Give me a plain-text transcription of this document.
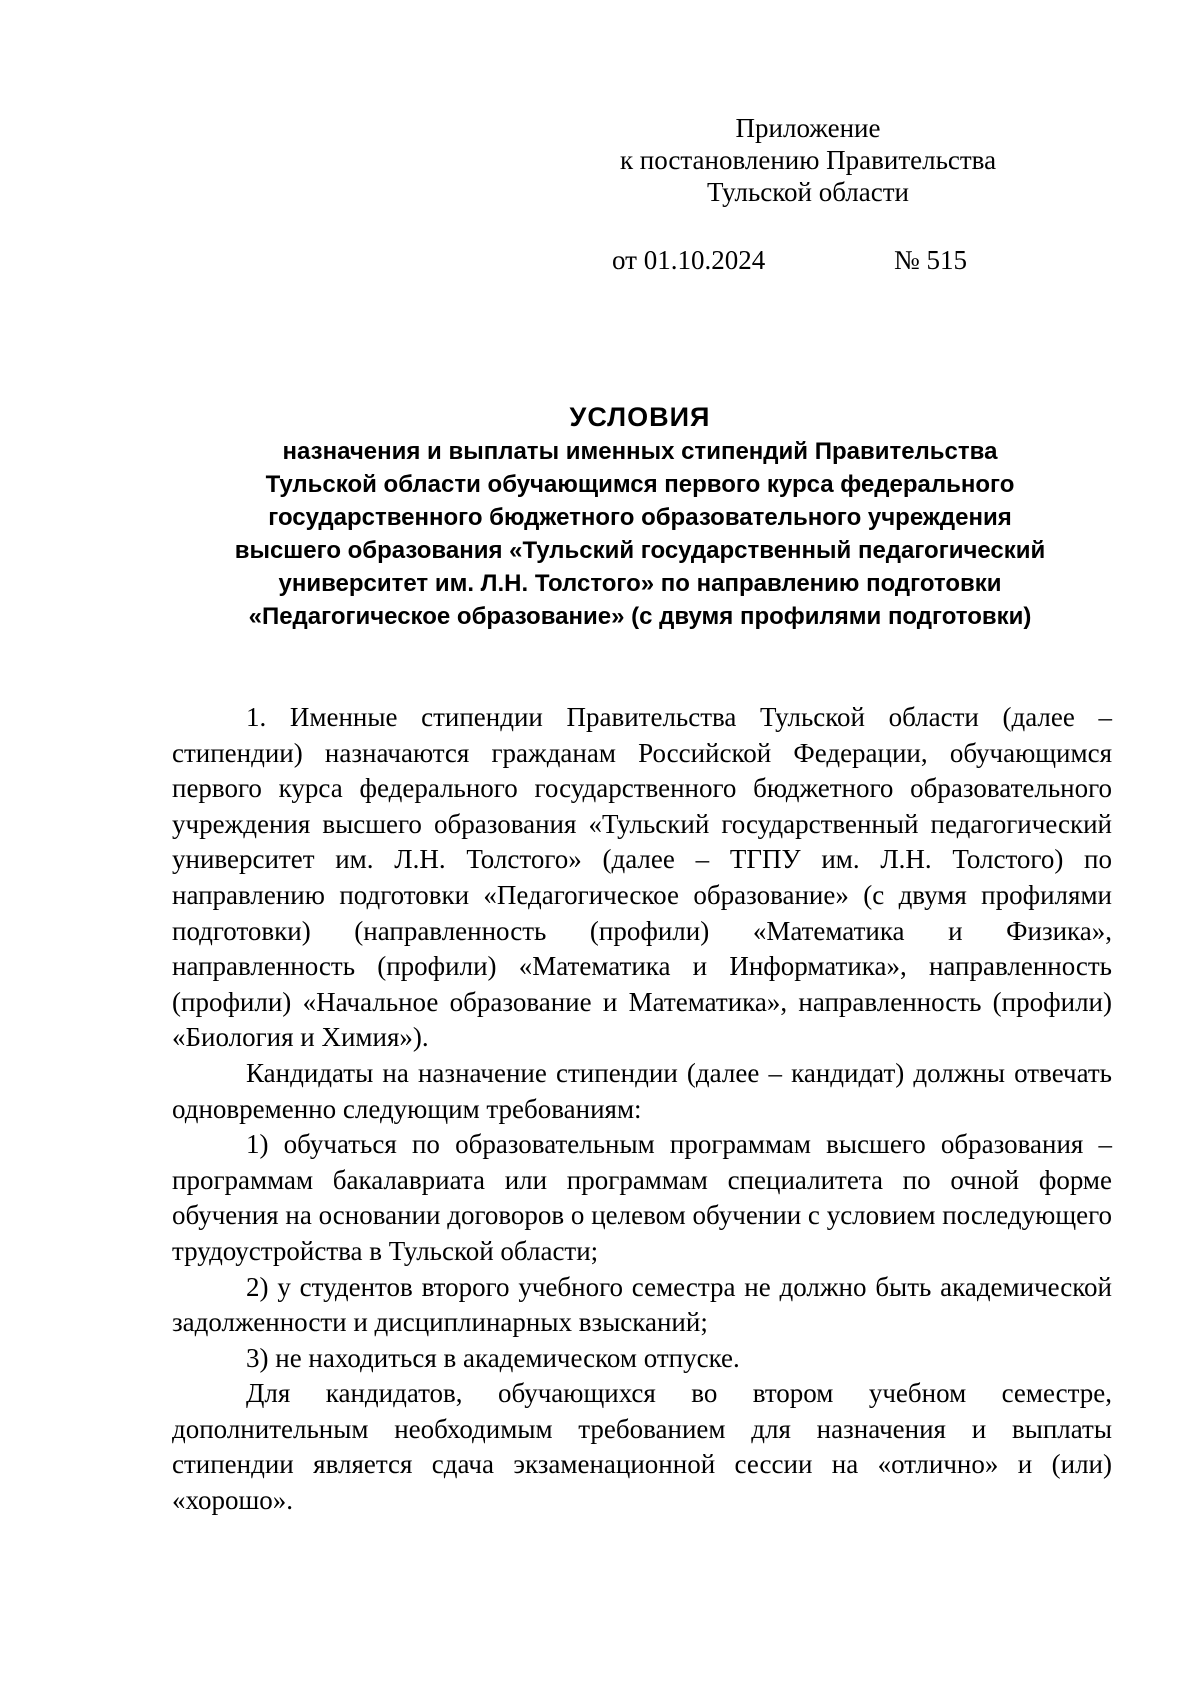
Приложение
к постановлению Правительства
Тульской области
от 01.10.2024	№ 515
УСЛОВИЯ
назначения и выплаты именных стипендий Правительства
Тульской области обучающимся первого курса федерального
государственного бюджетного образовательного учреждения
высшего образования «Тульский государственный педагогический
университет им. Л.Н. Толстого» по направлению подготовки
«Педагогическое образование» (с двумя профилями подготовки)

1. Именные стипендии Правительства Тульской области (далее – стипендии) назначаются гражданам Российской Федерации, обучающимся первого курса федерального государственного бюджетного образовательного учреждения высшего образования «Тульский государственный педагогический университет им. Л.Н. Толстого» (далее – ТГПУ им. Л.Н. Толстого) по направлению подготовки «Педагогическое образование» (с двумя профилями подготовки) (направленность (профили) «Математика и Физика», направленность (профили) «Математика и Информатика», направленность (профили) «Начальное образование и Математика», направленность (профили) «Биология и Химия»).

Кандидаты на назначение стипендии (далее – кандидат) должны отвечать одновременно следующим требованиям:

1) обучаться по образовательным программам высшего образования – программам бакалавриата или программам специалитета по очной форме обучения на основании договоров о целевом обучении с условием последующего трудоустройства в Тульской области;

2) у студентов второго учебного семестра не должно быть академической задолженности и дисциплинарных взысканий;

3) не находиться в академическом отпуске.

Для кандидатов, обучающихся во втором учебном семестре, дополнительным необходимым требованием для назначения и выплаты стипендии является сдача экзаменационной сессии на «отлично» и (или) «хорошо».
